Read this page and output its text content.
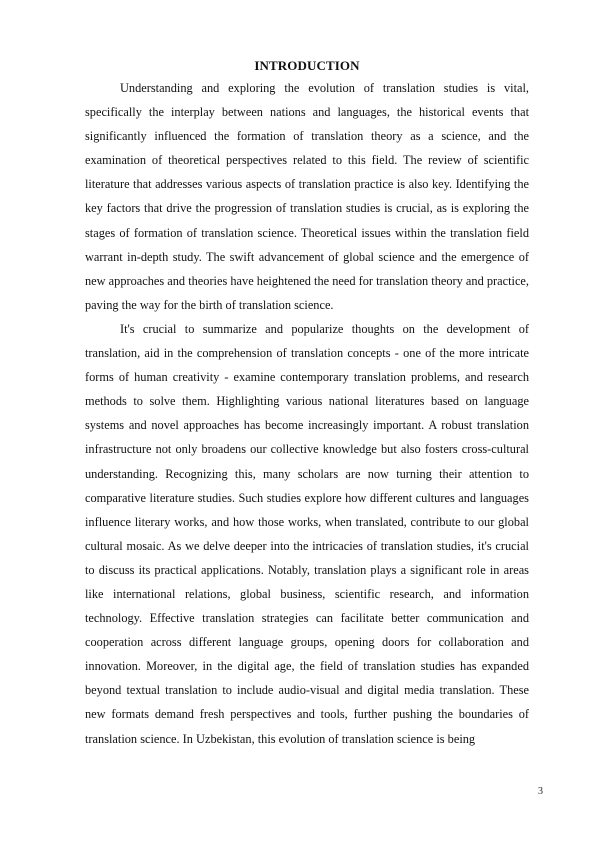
INTRODUCTION

Understanding and exploring the evolution of translation studies is vital, specifically the interplay between nations and languages, the historical events that significantly influenced the formation of translation theory as a science, and the examination of theoretical perspectives related to this field. The review of scientific literature that addresses various aspects of translation practice is also key. Identifying the key factors that drive the progression of translation studies is crucial, as is exploring the stages of formation of translation science. Theoretical issues within the translation field warrant in-depth study. The swift advancement of global science and the emergence of new approaches and theories have heightened the need for translation theory and practice, paving the way for the birth of translation science.

It's crucial to summarize and popularize thoughts on the development of translation, aid in the comprehension of translation concepts - one of the more intricate forms of human creativity - examine contemporary translation problems, and research methods to solve them. Highlighting various national literatures based on language systems and novel approaches has become increasingly important. A robust translation infrastructure not only broadens our collective knowledge but also fosters cross-cultural understanding. Recognizing this, many scholars are now turning their attention to comparative literature studies. Such studies explore how different cultures and languages influence literary works, and how those works, when translated, contribute to our global cultural mosaic. As we delve deeper into the intricacies of translation studies, it's crucial to discuss its practical applications. Notably, translation plays a significant role in areas like international relations, global business, scientific research, and information technology. Effective translation strategies can facilitate better communication and cooperation across different language groups, opening doors for collaboration and innovation. Moreover, in the digital age, the field of translation studies has expanded beyond textual translation to include audio-visual and digital media translation. These new formats demand fresh perspectives and tools, further pushing the boundaries of translation science. In Uzbekistan, this evolution of translation science is being

3
